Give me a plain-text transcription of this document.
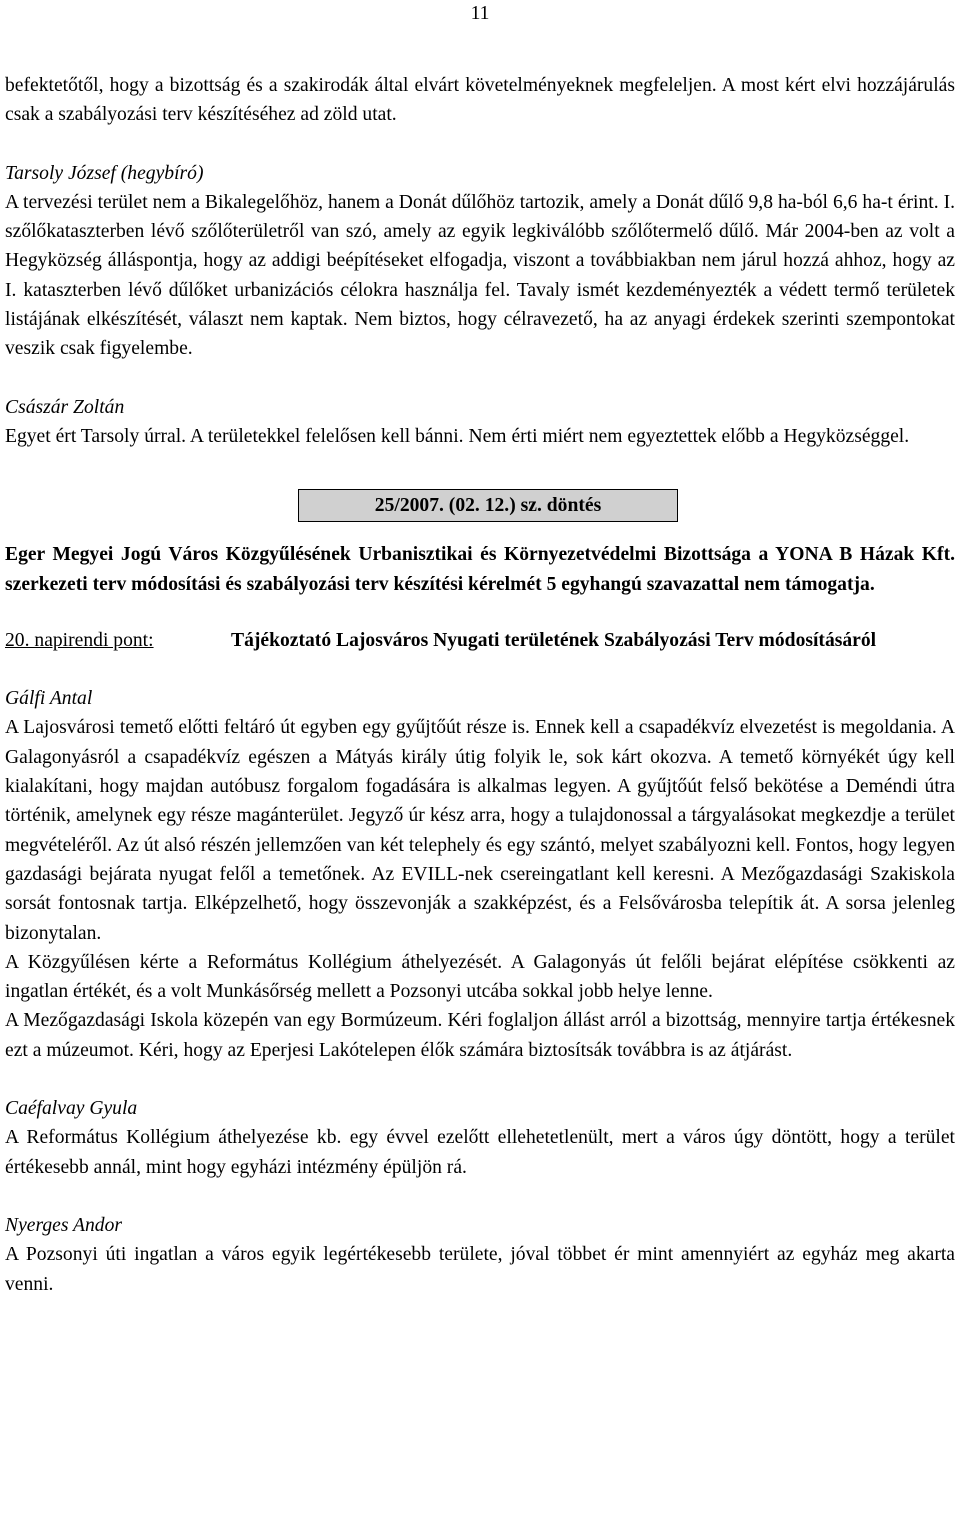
11

befektetőtől, hogy a bizottság és a szakirodák által elvárt követelményeknek megfeleljen. A most kért elvi hozzájárulás csak a szabályozási terv készítéséhez ad zöld utat.

Tarsoly József (hegybíró)

A tervezési terület nem a Bikalegelőhöz, hanem a Donát dűlőhöz tartozik, amely a Donát dűlő 9,8 ha-ból 6,6 ha-t érint. I. szőlőkataszterben lévő szőlőterületről van szó, amely az egyik legkiválóbb szőlőtermelő dűlő. Már 2004-ben az volt a Hegyközség álláspontja, hogy az addigi beépítéseket elfogadja, viszont a továbbiakban nem járul hozzá ahhoz, hogy az I. kataszterben lévő dűlőket urbanizációs célokra használja fel. Tavaly ismét kezdeményezték a védett termő területek listájának elkészítését, választ nem kaptak. Nem biztos, hogy célravezető, ha az anyagi érdekek szerinti szempontokat veszik csak figyelembe.

Császár Zoltán

Egyet ért Tarsoly úrral. A területekkel felelősen kell bánni. Nem érti miért nem egyeztettek előbb a Hegyközséggel.

25/2007. (02. 12.) sz. döntés

Eger Megyei Jogú Város Közgyűlésének Urbanisztikai és Környezetvédelmi Bizottsága a YONA B Házak Kft. szerkezeti terv módosítási és szabályozási terv készítési kérelmét 5 egyhangú szavazattal nem támogatja.

20. napirendi pont:	Tájékoztató Lajosváros Nyugati területének Szabályozási Terv módosításáról

Gálfi Antal

A Lajosvárosi temető előtti feltáró út egyben egy gyűjtőút része is. Ennek kell a csapadékvíz elvezetést is megoldania. A Galagonyásról a csapadékvíz egészen a Mátyás király útig folyik le, sok kárt okozva. A temető környékét úgy kell kialakítani, hogy majdan autóbusz forgalom fogadására is alkalmas legyen. A gyűjtőút felső bekötése a Deméndi útra történik, amelynek egy része magánterület. Jegyző úr kész arra, hogy a tulajdonossal a tárgyalásokat megkezdje a terület megvételéről. Az út alsó részén jellemzően van két telephely és egy szántó, melyet szabályozni kell. Fontos, hogy legyen gazdasági bejárata nyugat felől a temetőnek. Az EVILL-nek csereingatlant kell keresni. A Mezőgazdasági Szakiskola sorsát fontosnak tartja. Elképzelhető, hogy összevonják a szakképzést, és a Felsővárosba telepítik át. A sorsa jelenleg bizonytalan.

A Közgyűlésen kérte a Református Kollégium áthelyezését. A Galagonyás út felőli bejárat elépítése csökkenti az ingatlan értékét, és a volt Munkásőrség mellett a Pozsonyi utcába sokkal jobb helye lenne.

A Mezőgazdasági Iskola közepén van egy Bormúzeum. Kéri foglaljon állást arról a bizottság, mennyire tartja értékesnek ezt a múzeumot. Kéri, hogy az Eperjesi Lakótelepen élők számára biztosítsák továbbra is az átjárást.

Caéfalvay Gyula

A Református Kollégium áthelyezése kb. egy évvel ezelőtt ellehetetlenült, mert a város úgy döntött, hogy a terület értékesebb annál, mint hogy egyházi intézmény épüljön rá.

Nyerges Andor

A Pozsonyi úti ingatlan a város egyik legértékesebb területe, jóval többet ér mint amennyiért az egyház meg akarta venni.
